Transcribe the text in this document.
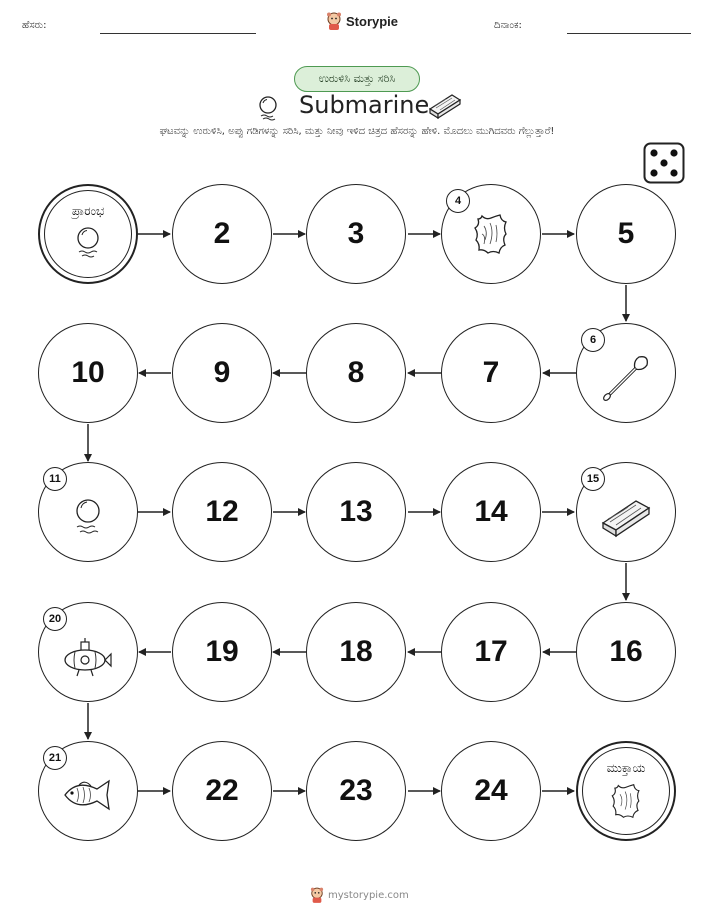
ಹೆಸರು:	Storypie	ದಿನಾಂಕ:
ಉರುಳಿಸಿ ಮತ್ತು ಸರಿಸಿ
Submarine
ಘಟವನ್ನು ಉರುಳಿಸಿ, ಅಪ್ಪು ಗಡಿಗಳನ್ನು ಸರಿಸಿ, ಮತ್ತು ನೀವು ಇಳಿದ ಚಿತ್ರದ ಹೆಸರನ್ನು ಹೇಳಿ. ಮೊದಲು ಮುಗಿದವರು ಗೆಲ್ಲುತ್ತಾರೆ!
ಪ್ರಾರಂಭ
2	3
4
5
10	9	8	7
6
11
12	13	14
15
20
19	18	17	16
21
22	23	24
ಮುಕ್ತಾಯ
mystorypie.com
